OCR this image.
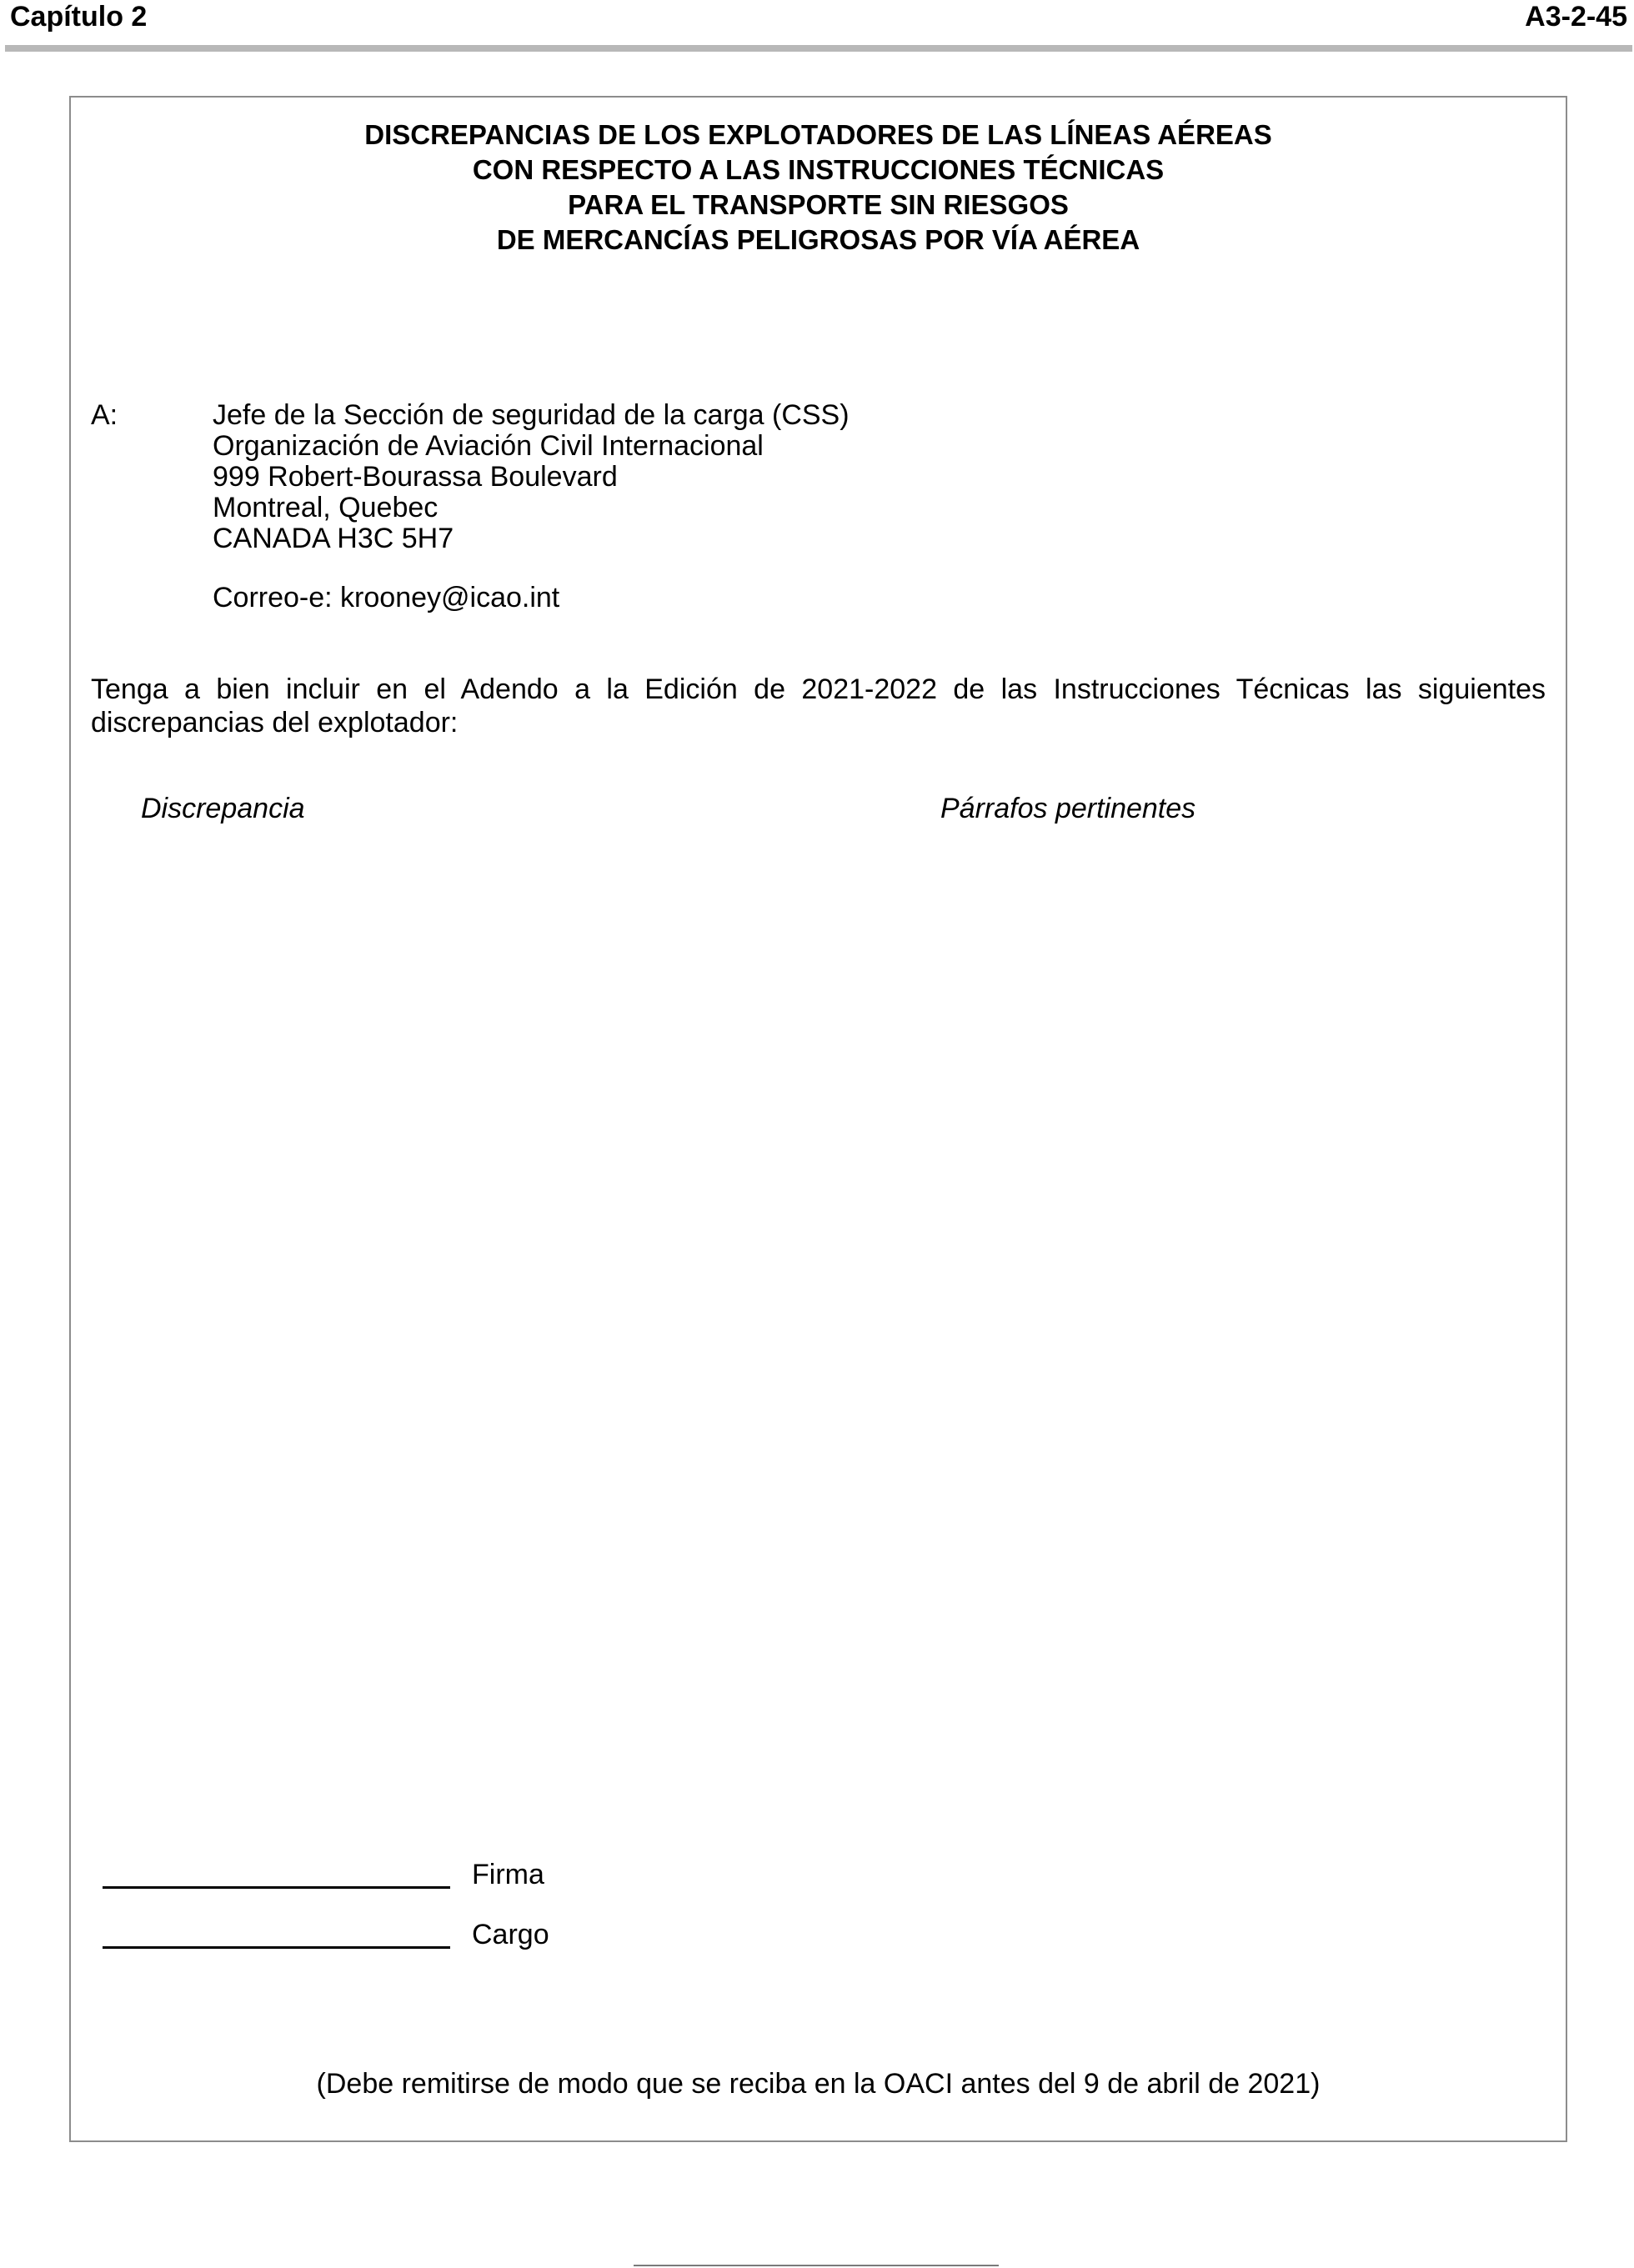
Capítulo 2	A3-2-45
DISCREPANCIAS DE LOS EXPLOTADORES DE LAS LÍNEAS AÉREAS
CON RESPECTO A LAS INSTRUCCIONES TÉCNICAS
PARA EL TRANSPORTE SIN RIESGOS
DE MERCANCÍAS PELIGROSAS POR VÍA AÉREA
A:	Jefe de la Sección de seguridad de la carga (CSS)
Organización de Aviación Civil Internacional
999 Robert-Bourassa Boulevard
Montreal, Quebec
CANADA H3C 5H7
Correo-e: krooney@icao.int
Tenga a bien incluir en el Adendo a la Edición de 2021-2022 de las Instrucciones Técnicas las siguientes discrepancias del explotador:
Discrepancia	Párrafos pertinentes
Firma
Cargo
(Debe remitirse de modo que se reciba en la OACI antes del 9 de abril de 2021)
